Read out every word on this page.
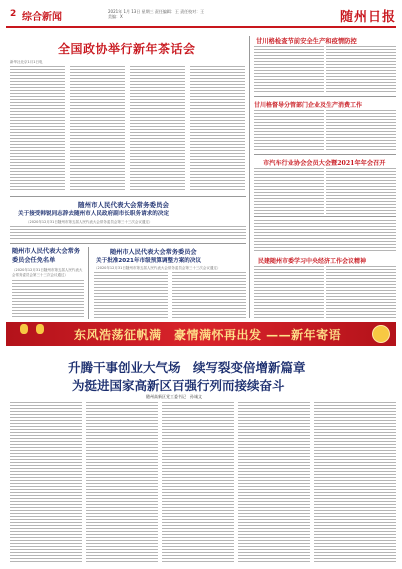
2 综合新闻
2021年 1月 13日 星期三 责任编辑：王 责任校对：王 美编：X	随州日报
全国政协举行新年茶话会
新华社北京1月1日电
甘川格检查节前安全生产和疫情防控
甘川格督导分管部门企业及生产消费工作
市汽车行业协会会员大会暨2021年年会召开
民建随州市委学习中央经济工作会议精神
随州市人民代表大会常务委员会
关于接受韩锐同志辞去随州市人民政府副市长职务请求的决定
（2020年12月31日随州市第五届人民代表大会常务委员会第三十三次会议通过）
随州市人民代表大会常务委员会任免名单
（2020年12月31日随州市第五届人民代表大会常务委员会第三十三次会议通过）
随州市人民代表大会常务委员会
关于批准2021年市级预算调整方案的决议
（2020年12月31日随州市第五届人民代表大会常务委员会第三十三次会议通过）
东风浩荡征帆满　豪情满怀再出发 ——新年寄语
升腾干事创业大气场　续写裂变倍增新篇章
为挺进国家高新区百强行列而接续奋斗
随州高新区党工委书记　孙诚文
